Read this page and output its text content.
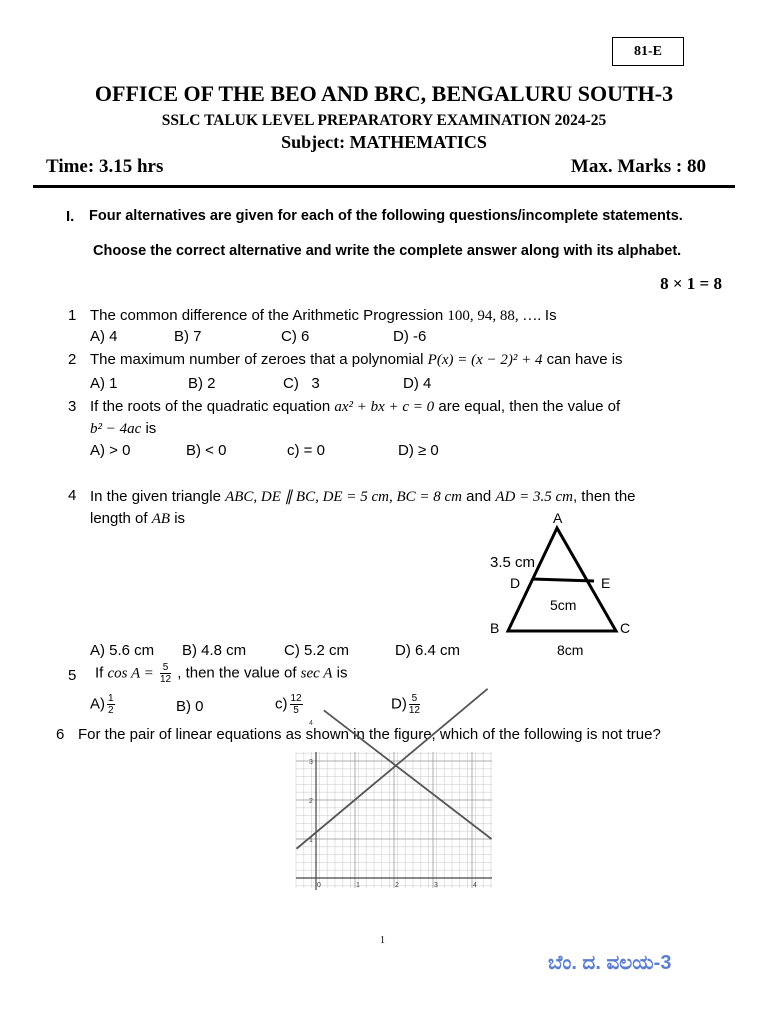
81-E
OFFICE OF THE BEO AND BRC, BENGALURU SOUTH-3
SSLC TALUK LEVEL PREPARATORY EXAMINATION 2024-25
Subject: MATHEMATICS
Time: 3.15 hrs	Max. Marks : 80
I. Four alternatives are given for each of the following questions/incomplete statements.
Choose the correct alternative and write the complete answer along with its alphabet.
8 × 1 = 8
1 The common difference of the Arithmetic Progression 100, 94, 88, …. Is
A) 4	B) 7	C) 6	D) -6
2 The maximum number of zeroes that a polynomial P(x) = (x − 2)² + 4 can have is
A) 1	B) 2	C)   3	D) 4
3 If the roots of the quadratic equation ax² + bx + c = 0 are equal, then the value of
b² − 4ac is
A) > 0	B) < 0	c) = 0	D) ≥ 0
4 In the given triangle ABC, DE ∥ BC, DE = 5 cm, BC = 8 cm and AD = 3.5 cm, then the
length of AB is	A
3.5 cm
D	E
5cm
B	C
8cm
A) 5.6 cm B) 4.8 cm	C) 5.2 cm	D) 6.4 cm
5 If $\cos A = \frac{5}{12}$ , then the value of sec A is
$A) \frac{1}{2}$	B) 0	$c) \frac{12}{5}$	$D) \frac{5}{12}$
6 For the pair of linear equations as shown in the figure, which of the following is not true?
0	1	2	3	4
4
3
2
1
1
ಬೆಂ. ದ. ವಲಯ-3
